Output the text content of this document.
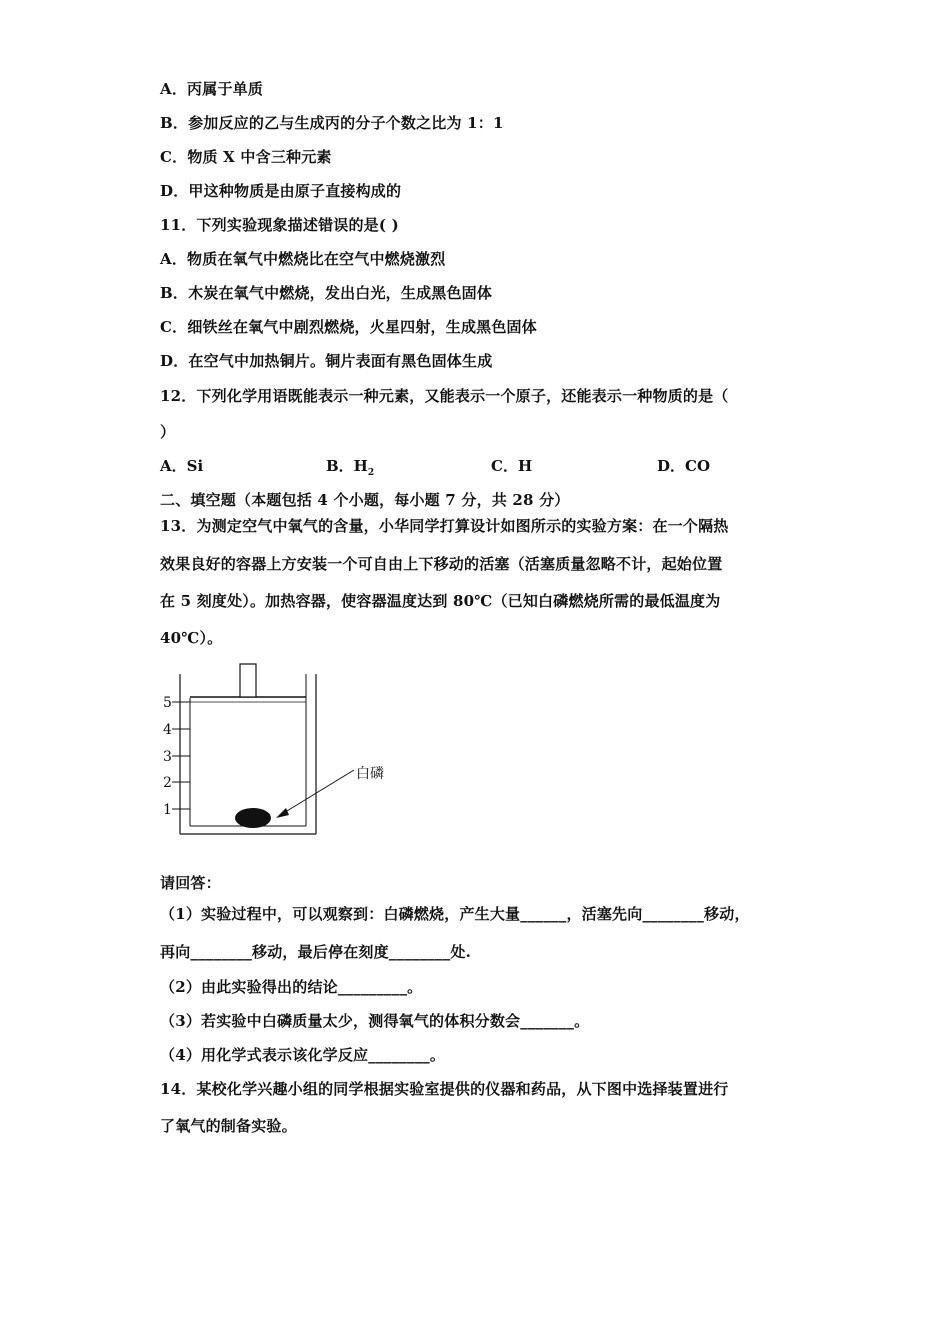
A．丙属于单质
B．参加反应的乙与生成丙的分子个数之比为 1：1
C．物质 X 中含三种元素
D．甲这种物质是由原子直接构成的
11．下列实验现象描述错误的是( )
A．物质在氧气中燃烧比在空气中燃烧激烈
B．木炭在氧气中燃烧，发出白光，生成黑色固体
C．细铁丝在氧气中剧烈燃烧，火星四射，生成黑色固体
D．在空气中加热铜片。铜片表面有黑色固体生成
12．下列化学用语既能表示一种元素，又能表示一个原子，还能表示一种物质的是（
）
A．Si	B．$H_2$	C．H	D．CO
二、填空题（本题包括 4 个小题，每小题 7 分，共 28 分）
13．为测定空气中氧气的含量，小华同学打算设计如图所示的实验方案：在一个隔热
效果良好的容器上方安装一个可自由上下移动的活塞（活塞质量忽略不计，起始位置
在 5 刻度处）。加热容器，使容器温度达到 80℃（已知白磷燃烧所需的最低温度为
40℃）。
5
4
3
2
1
白磷
请回答：
（1）实验过程中，可以观察到：白磷燃烧，产生大量______，活塞先向________移动，
再向________移动，最后停在刻度________处.
（2）由此实验得出的结论_________。
（3）若实验中白磷质量太少，测得氧气的体积分数会_______。
（4）用化学式表示该化学反应________。
14．某校化学兴趣小组的同学根据实验室提供的仪器和药品，从下图中选择装置进行
了氧气的制备实验。
